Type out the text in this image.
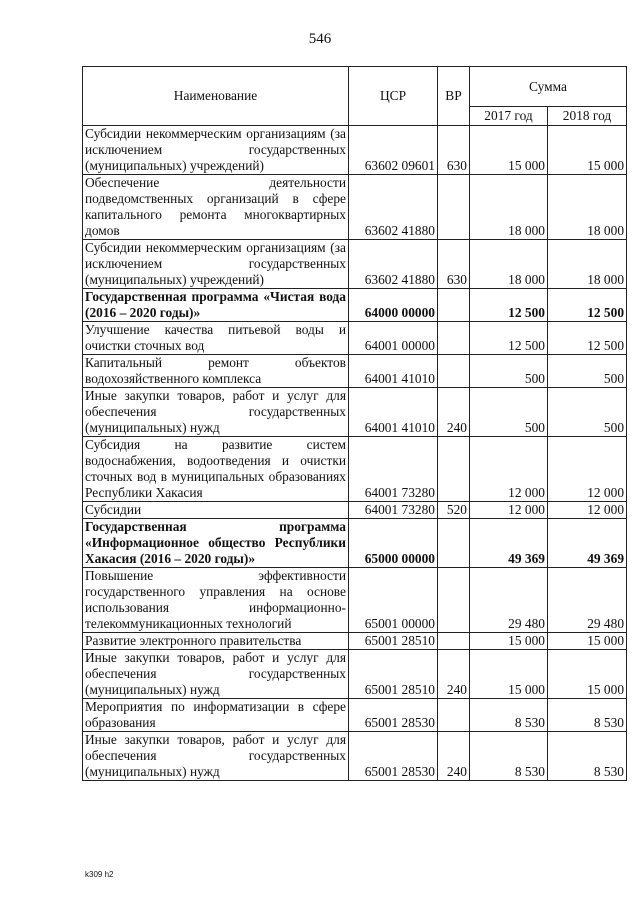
546
Наименование	ЦСР	ВР	Сумма	
			2017 год	2018 год
Субсидии некоммерческим организациям (за исключением государственных (муниципальных) учреждений)	63602 09601	630	15 000	15 000
Обеспечение деятельности подведомственных организаций в сфере капитального ремонта многоквартирных домов	63602 41880		18 000	18 000
Субсидии некоммерческим организациям (за исключением государственных (муниципальных) учреждений)	63602 41880	630	18 000	18 000
Государственная программа «Чистая вода (2016 – 2020 годы)»	64000 00000		12 500	12 500
Улучшение качества питьевой воды и очистки сточных вод	64001 00000		12 500	12 500
Капитальный ремонт объектов водохозяйственного комплекса	64001 41010		500	500
Иные закупки товаров, работ и услуг для обеспечения государственных (муниципальных) нужд	64001 41010	240	500	500
Субсидия на развитие систем водоснабжения, водоотведения и очистки сточных вод в муниципальных образованиях Республики Хакасия	64001 73280		12 000	12 000
Субсидии	64001 73280	520	12 000	12 000
Государственная программа «Информационное общество Республики Хакасия (2016 – 2020 годы)»	65000 00000		49 369	49 369
Повышение эффективности государственного управления на основе использования информационно-телекоммуникационных технологий	65001 00000		29 480	29 480
Развитие электронного правительства	65001 28510		15 000	15 000
Иные закупки товаров, работ и услуг для обеспечения государственных (муниципальных) нужд	65001 28510	240	15 000	15 000
Мероприятия по информатизации в сфере образования	65001 28530		8 530	8 530
Иные закупки товаров, работ и услуг для обеспечения государственных (муниципальных) нужд	65001 28530	240	8 530	8 530
k309 h2
